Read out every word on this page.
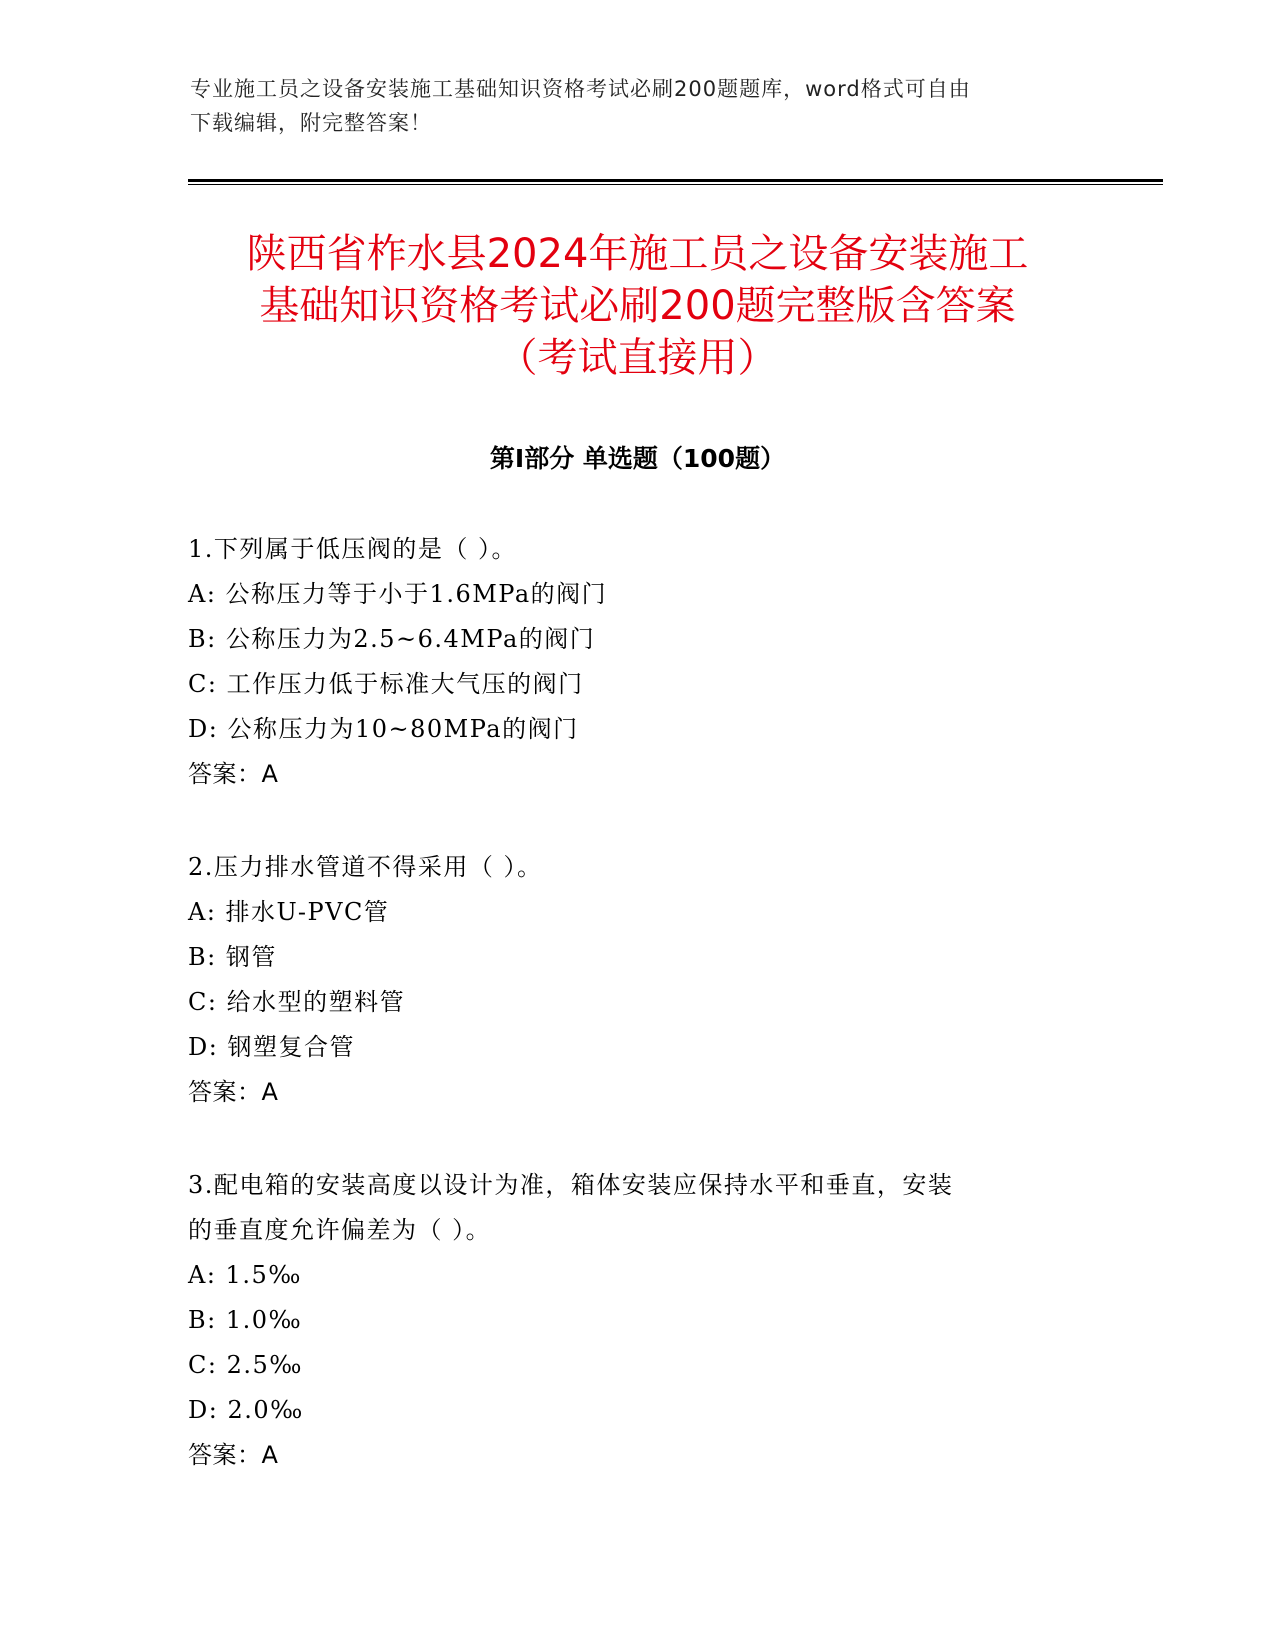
专业施工员之设备安装施工基础知识资格考试必刷200题题库，word格式可自由
下载编辑，附完整答案！
陕西省柞水县2024年施工员之设备安装施工
基础知识资格考试必刷200题完整版含答案
（考试直接用）
第Ⅰ部分 单选题（100题）
1.下列属于低压阀的是（ ）。
A: 公称压力等于小于1.6MPa的阀门
B: 公称压力为2.5~6.4MPa的阀门
C: 工作压力低于标准大气压的阀门
D: 公称压力为10~80MPa的阀门
答案：A
2.压力排水管道不得采用（ ）。
A: 排水U-PVC管
B: 钢管
C: 给水型的塑料管
D: 钢塑复合管
答案：A
3.配电箱的安装高度以设计为准，箱体安装应保持水平和垂直，安装
的垂直度允许偏差为（ ）。
A: 1.5‰
B: 1.0‰
C: 2.5‰
D: 2.0‰
答案：A
